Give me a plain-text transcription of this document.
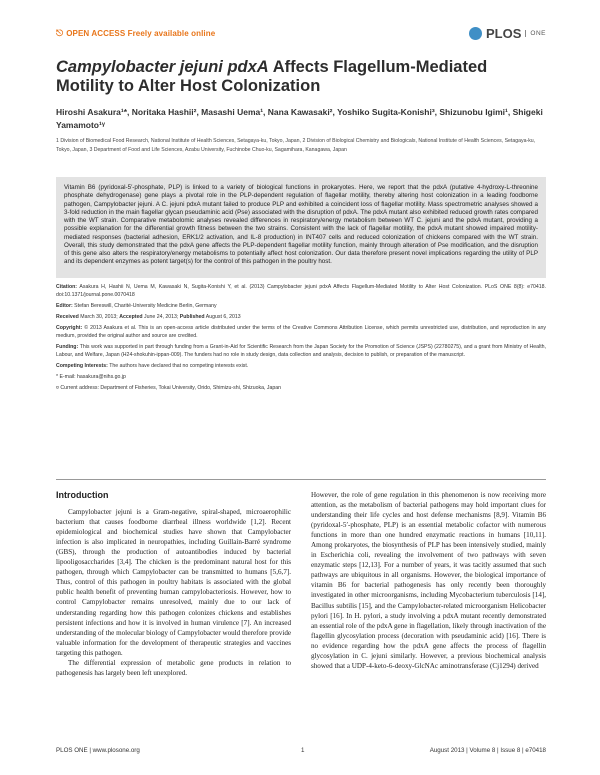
⎋ OPEN ACCESS Freely available online	PLOS	ONE
Campylobacter jejuni pdxA Affects Flagellum-Mediated Motility to Alter Host Colonization
Hiroshi Asakura¹*, Noritaka Hashii², Masashi Uema¹, Nana Kawasaki², Yoshiko Sugita-Konishi³, Shizunobu Igimi¹, Shigeki Yamamoto¹ᵞ
1 Division of Biomedical Food Research, National Institute of Health Sciences, Setagaya-ku, Tokyo, Japan, 2 Division of Biological Chemistry and Biologicals, National Institute of Health Sciences, Setagaya-ku, Tokyo, Japan, 3 Department of Food and Life Sciences, Azabu University, Fuchinobe Chuo-ku, Sagamihara, Kanagawa, Japan

Vitamin B6 (pyridoxal-5′-phosphate, PLP) is linked to a variety of biological functions in prokaryotes. Here, we report that the pdxA (putative 4-hydroxy-L-threonine phosphate dehydrogenase) gene plays a pivotal role in the PLP-dependent regulation of flagellar motility, thereby altering host colonization in a leading foodborne pathogen, Campylobacter jejuni. A C. jejuni pdxA mutant failed to produce PLP and exhibited a coincident loss of flagellar motility. Mass spectrometric analyses showed a 3-fold reduction in the main flagellar glycan pseudaminic acid (Pse) associated with the disruption of pdxA. The pdxA mutant also exhibited reduced growth rates compared with the WT strain. Comparative metabolomic analyses revealed differences in respiratory/energy metabolism between WT C. jejuni and the pdxA mutant, providing a possible explanation for the differential growth fitness between the two strains. Consistent with the lack of flagellar motility, the pdxA mutant showed impaired motility-mediated responses (bacterial adhesion, ERK1/2 activation, and IL-8 production) in INT407 cells and reduced colonization of chickens compared with the WT strain. Overall, this study demonstrated that the pdxA gene affects the PLP-dependent flagellar motility function, mainly through alteration of Pse modification, and the disruption of this gene also alters the respiratory/energy metabolisms to potentially affect host colonization. Our data therefore present novel implications regarding the utility of PLP and its dependent enzymes as potent target(s) for the control of this pathogen in the poultry host.

Citation: Asakura H, Hashii N, Uema M, Kawasaki N, Sugita-Konishi Y, et al. (2013) Campylobacter jejuni pdxA Affects Flagellum-Mediated Motility to Alter Host Colonization. PLoS ONE 8(8): e70418. doi:10.1371/journal.pone.0070418

Editor: Stefan Bereswill, Charité-University Medicine Berlin, Germany

Received March 30, 2013; Accepted June 24, 2013; Published August 6, 2013

Copyright: © 2013 Asakura et al. This is an open-access article distributed under the terms of the Creative Commons Attribution License, which permits unrestricted use, distribution, and reproduction in any medium, provided the original author and source are credited.

Funding: This work was supported in part through funding from a Grant-in-Aid for Scientific Research from the Japan Society for the Promotion of Science (JSPS) (22780275), and a grant from Ministry of Health, Labour, and Welfare, Japan (H24-shokuhin-ippan-009). The funders had no role in study design, data collection and analysis, decision to publish, or preparation of the manuscript.

Competing Interests: The authors have declared that no competing interests exist.

* E-mail: hasakura@nihs.go.jp

¤ Current address: Department of Fisheries, Tokai University, Orido, Shimizu-shi, Shizuoka, Japan

Introduction

Campylobacter jejuni is a Gram-negative, spiral-shaped, microaerophilic bacterium that causes foodborne diarrheal illness worldwide [1,2]. Recent epidemiological and biochemical studies have shown that Campylobacter infection is also implicated in neuropathies, including Guillain-Barré syndrome (GBS), through the production of autoantibodies induced by bacterial lipooligosaccharides [3,4]. The chicken is the predominant natural host for this pathogen, through which Campylobacter can be transmitted to humans [5,6,7]. Thus, control of this pathogen in poultry habitats is associated with the global public health benefit of preventing human campylobacteriosis. However, how to control Campylobacter remains unresolved, mainly due to our lack of understanding regarding how this pathogen colonizes chickens and establishes persistent infections and how it is involved in human virulence [7]. An increased understanding of the molecular biology of Campylobacter would therefore provide valuable information for the development of therapeutic strategies and vaccines targeting this pathogen.

The differential expression of metabolic gene products in relation to pathogenesis has largely been left unexplored.

However, the role of gene regulation in this phenomenon is now receiving more attention, as the metabolism of bacterial pathogens may hold important clues for understanding their life cycles and host defense mechanisms [8,9]. Vitamin B6 (pyridoxal-5′-phosphate, PLP) is an essential metabolic cofactor with numerous functions in more than one hundred enzymatic reactions in humans [10,11]. Among prokaryotes, the biosynthesis of PLP has been intensively studied, mainly in Escherichia coli, revealing the involvement of two pathways with seven enzymatic steps [12,13]. For a number of years, it was tacitly assumed that such pathways are ubiquitous in all organisms. However, the biological importance of vitamin B6 for bacterial pathogenesis has only recently been thoroughly investigated in other microorganisms, including Mycobacterium tuberculosis [14], Bacillus subtilis [15], and the Campylobacter-related microorganism Helicobacter pylori [16]. In H. pylori, a study involving a pdxA mutant recently demonstrated an essential role of the pdxA gene in flagellation, likely through inactivation of the flagellin glycosylation process (decoration with pseudaminic acid) [16]. There is no evidence regarding how the pdxA gene affects the process of flagellin glycosylation in C. jejuni similarly. However, a previous biochemical analysis showed that a UDP-4-keto-6-deoxy-GlcNAc aminotransferase (Cj1294) derived

PLOS ONE | www.plosone.org	1	August 2013 | Volume 8 | Issue 8 | e70418
